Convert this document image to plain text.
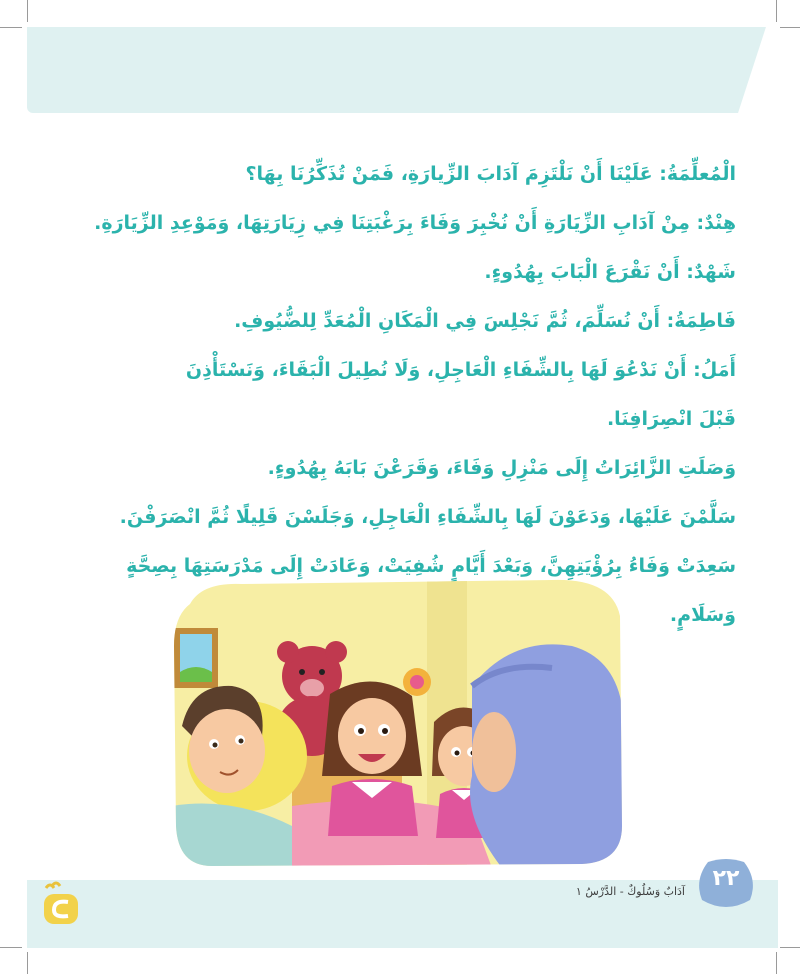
الْمُعلِّمَةُ: عَلَيْنَا أَنْ نَلْتَزِمَ آدَابَ الزِّيارَةِ، فَمَنْ تُذَكِّرُنَا بِهَا؟
هِنْدٌ: مِنْ آدَابِ الزِّيَارَةِ أَنْ نُخْبِرَ وَفَاءَ بِرَغْبَتِنَا فِي زِيَارَتِهَا، وَمَوْعِدِ الزِّيَارَةِ.
شَهْدٌ: أَنْ نَقْرَعَ الْبَابَ بِهُدُوءٍ.
فَاطِمَةُ: أَنْ نُسَلِّمَ، ثُمَّ نَجْلِسَ فِي الْمَكَانِ الْمُعَدِّ لِلضُّيُوفِ.
أَمَلُ: أَنْ نَدْعُوَ لَهَا بِالشِّفَاءِ الْعَاجِلِ، وَلَا نُطِيلَ الْبَقَاءَ، وَنَسْتَأْذِنَ
قَبْلَ انْصِرَافِنَا.
وَصَلَتِ الزَّائِرَاتُ إِلَى مَنْزِلِ وَفَاءَ، وَقَرَعْنَ بَابَهُ بِهُدُوءٍ.
سَلَّمْنَ عَلَيْهَا، وَدَعَوْنَ لَهَا بِالشِّفَاءِ الْعَاجِلِ، وَجَلَسْنَ قَلِيلًا ثُمَّ انْصَرَفْنَ.
سَعِدَتْ وَفَاءُ بِرُؤْيَتِهِنَّ، وَبَعْدَ أَيَّامٍ شُفِيَتْ، وَعَادَتْ إِلَى مَدْرَسَتِهَا بِصِحَّةٍ
وَسَلَامٍ.
٢٢
آدَابٌ وَسُلُوكٌ - الدَّرْسُ ١
